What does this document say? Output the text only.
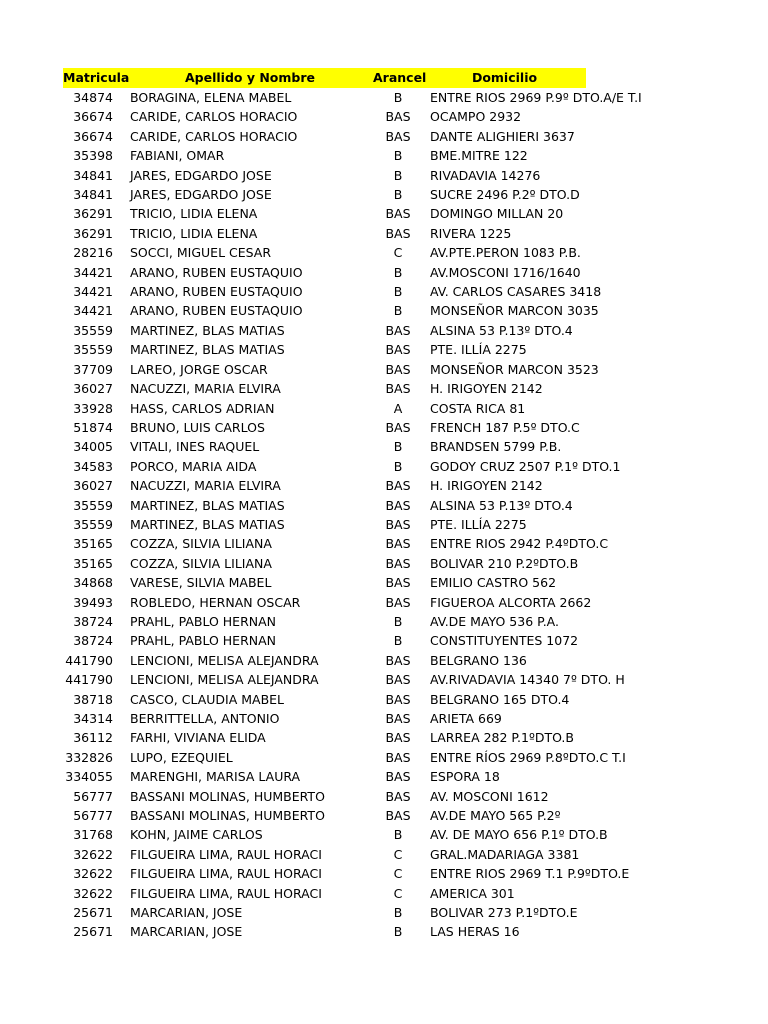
Matricula	Apellido y Nombre	Arancel	Domicilio
34874	BORAGINA, ELENA MABEL	B	ENTRE RIOS 2969 P.9º DTO.A/E T.I
36674	CARIDE, CARLOS HORACIO	BAS	OCAMPO 2932
36674	CARIDE, CARLOS HORACIO	BAS	DANTE ALIGHIERI 3637
35398	FABIANI, OMAR	B	BME.MITRE 122
34841	JARES, EDGARDO JOSE	B	RIVADAVIA 14276
34841	JARES, EDGARDO JOSE	B	SUCRE 2496 P.2º DTO.D
36291	TRICIO, LIDIA ELENA	BAS	DOMINGO MILLAN 20
36291	TRICIO, LIDIA ELENA	BAS	RIVERA 1225
28216	SOCCI, MIGUEL CESAR	C	AV.PTE.PERON 1083 P.B.
34421	ARANO, RUBEN EUSTAQUIO	B	AV.MOSCONI 1716/1640
34421	ARANO, RUBEN EUSTAQUIO	B	AV. CARLOS CASARES 3418
34421	ARANO, RUBEN EUSTAQUIO	B	MONSEÑOR MARCON 3035
35559	MARTINEZ, BLAS MATIAS	BAS	ALSINA 53 P.13º DTO.4
35559	MARTINEZ, BLAS MATIAS	BAS	PTE. ILLÍA 2275
37709	LAREO, JORGE OSCAR	BAS	MONSEÑOR MARCON 3523
36027	NACUZZI, MARIA ELVIRA	BAS	H. IRIGOYEN 2142
33928	HASS, CARLOS ADRIAN	A	COSTA RICA 81
51874	BRUNO, LUIS CARLOS	BAS	FRENCH 187 P.5º DTO.C
34005	VITALI, INES RAQUEL	B	BRANDSEN 5799 P.B.
34583	PORCO, MARIA AIDA	B	GODOY CRUZ 2507 P.1º DTO.1
36027	NACUZZI, MARIA ELVIRA	BAS	H. IRIGOYEN 2142
35559	MARTINEZ, BLAS MATIAS	BAS	ALSINA 53 P.13º DTO.4
35559	MARTINEZ, BLAS MATIAS	BAS	PTE. ILLÍA 2275
35165	COZZA, SILVIA LILIANA	BAS	ENTRE RIOS 2942 P.4ºDTO.C
35165	COZZA, SILVIA LILIANA	BAS	BOLIVAR 210 P.2ºDTO.B
34868	VARESE, SILVIA MABEL	BAS	EMILIO CASTRO 562
39493	ROBLEDO, HERNAN OSCAR	BAS	FIGUEROA ALCORTA 2662
38724	PRAHL, PABLO HERNAN	B	AV.DE MAYO 536 P.A.
38724	PRAHL, PABLO HERNAN	B	CONSTITUYENTES 1072
441790	LENCIONI, MELISA ALEJANDRA	BAS	BELGRANO 136
441790	LENCIONI, MELISA ALEJANDRA	BAS	AV.RIVADAVIA 14340 7º DTO. H
38718	CASCO, CLAUDIA MABEL	BAS	BELGRANO 165 DTO.4
34314	BERRITTELLA, ANTONIO	BAS	ARIETA 669
36112	FARHI, VIVIANA ELIDA	BAS	LARREA 282 P.1ºDTO.B
332826	LUPO, EZEQUIEL	BAS	ENTRE RÍOS 2969 P.8ºDTO.C T.I
334055	MARENGHI, MARISA LAURA	BAS	ESPORA 18
56777	BASSANI MOLINAS, HUMBERTO	BAS	AV. MOSCONI 1612
56777	BASSANI MOLINAS, HUMBERTO	BAS	AV.DE MAYO 565 P.2º
31768	KOHN, JAIME CARLOS	B	AV. DE MAYO 656 P.1º DTO.B
32622	FILGUEIRA LIMA, RAUL HORACI	C	GRAL.MADARIAGA 3381
32622	FILGUEIRA LIMA, RAUL HORACI	C	ENTRE RIOS 2969 T.1 P.9ºDTO.E
32622	FILGUEIRA LIMA, RAUL HORACI	C	AMERICA 301
25671	MARCARIAN, JOSE	B	BOLIVAR 273 P.1ºDTO.E
25671	MARCARIAN, JOSE	B	LAS HERAS 16
